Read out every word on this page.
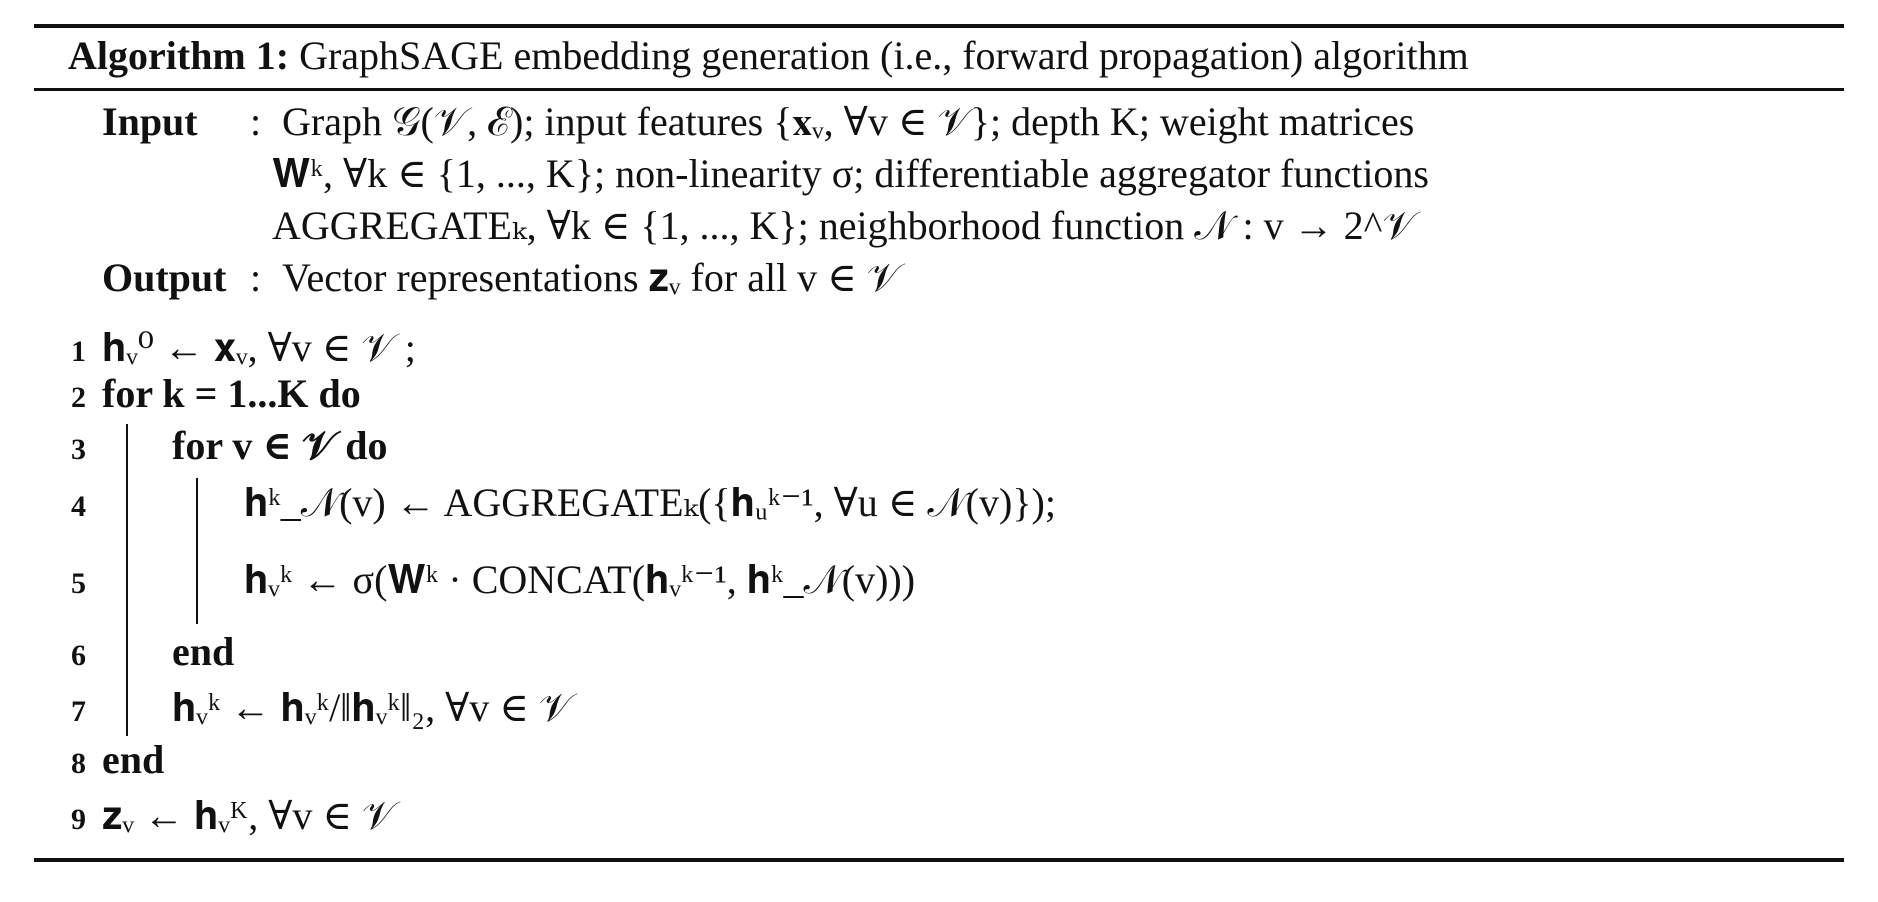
Algorithm 1: GraphSAGE embedding generation (i.e., forward propagation) algorithm
Input : Graph 𝒢(𝒱, ℰ); input features {𝐱ᵥ, ∀v ∈ 𝒱}; depth K; weight matrices
𝐖ᵏ, ∀k ∈ {1, ..., K}; non-linearity σ; differentiable aggregator functions
AGGREGATEₖ, ∀k ∈ {1, ..., K}; neighborhood function 𝒩 : v → 2^𝒱
Output : Vector representations 𝐳ᵥ for all v ∈ 𝒱
1
2
3
4
5
6
7
8
9
𝐡ᵥ⁰ ← 𝐱ᵥ, ∀v ∈ 𝒱 ;
for k = 1...K do
for v ∈ 𝒱 do
𝐡ᵏ_𝒩(v) ← AGGREGATEₖ({𝐡ᵤᵏ⁻¹, ∀u ∈ 𝒩(v)});
𝐡ᵥᵏ ← σ(𝐖ᵏ · CONCAT(𝐡ᵥᵏ⁻¹, 𝐡ᵏ_𝒩(v)))
end
𝐡ᵥᵏ ← 𝐡ᵥᵏ/‖𝐡ᵥᵏ‖₂, ∀v ∈ 𝒱
end
𝐳ᵥ ← 𝐡ᵥᴷ, ∀v ∈ 𝒱
